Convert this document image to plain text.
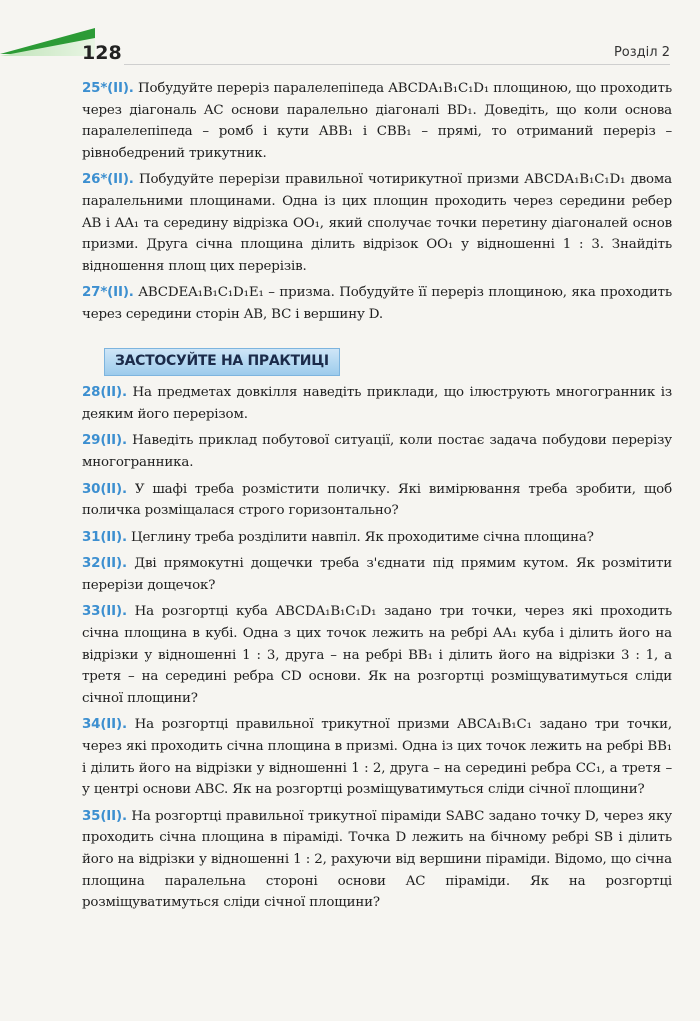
128	Розділ 2
25*(II). Побудуйте переріз паралелепіпеда ABCDA₁B₁C₁D₁ площиною, що проходить через діагональ AC основи паралельно діагоналі BD₁. Доведіть, що коли основа паралелепіпеда – ромб і кути ABB₁ і CBB₁ – прямі, то отриманий переріз – рівнобедрений трикутник.
26*(II). Побудуйте перерізи правильної чотирикутної призми ABCDA₁B₁C₁D₁ двома паралельними площинами. Одна із цих площин проходить через середини ребер AB і AA₁ та середину відрізка OO₁, який сполучає точки перетину діагоналей основ призми. Друга січна площина ділить відрізок OO₁ у відношенні 1 : 3. Знайдіть відношення площ цих перерізів.
27*(II). ABCDEA₁B₁C₁D₁E₁ – призма. Побудуйте її переріз площиною, яка проходить через середини сторін AB, BC і вершину D.
ЗАСТОСУЙТЕ НА ПРАКТИЦІ
28(II). На предметах довкілля наведіть приклади, що ілюструють многогранник із деяким його перерізом.
29(II). Наведіть приклад побутової ситуації, коли постає задача побудови перерізу многогранника.
30(II). У шафі треба розмістити поличку. Які вимірювання треба зробити, щоб поличка розміщалася строго горизонтально?
31(II). Цеглину треба розділити навпіл. Як проходитиме січна площина?
32(II). Дві прямокутні дощечки треба з'єднати під прямим кутом. Як розмітити перерізи дощечок?
33(II). На розгортці куба ABCDA₁B₁C₁D₁ задано три точки, через які проходить січна площина в кубі. Одна з цих точок лежить на ребрі AA₁ куба і ділить його на відрізки у відношенні 1 : 3, друга – на ребрі BB₁ і ділить його на відрізки 3 : 1, а третя – на середині ребра CD основи. Як на розгортці розміщуватимуться сліди січної площини?
34(II). На розгортці правильної трикутної призми ABCA₁B₁C₁ задано три точки, через які проходить січна площина в призмі. Одна із цих точок лежить на ребрі BB₁ і ділить його на відрізки у відношенні 1 : 2, друга – на середині ребра CC₁, а третя – у центрі основи ABC. Як на розгортці розміщуватимуться сліди січної площини?
35(II). На розгортці правильної трикутної піраміди SABC задано точку D, через яку проходить січна площина в піраміді. Точка D лежить на бічному ребрі SB і ділить його на відрізки у відношенні 1 : 2, рахуючи від вершини піраміди. Відомо, що січна площина паралельна стороні основи AC піраміди. Як на розгортці розміщуватимуться сліди січної площини?
